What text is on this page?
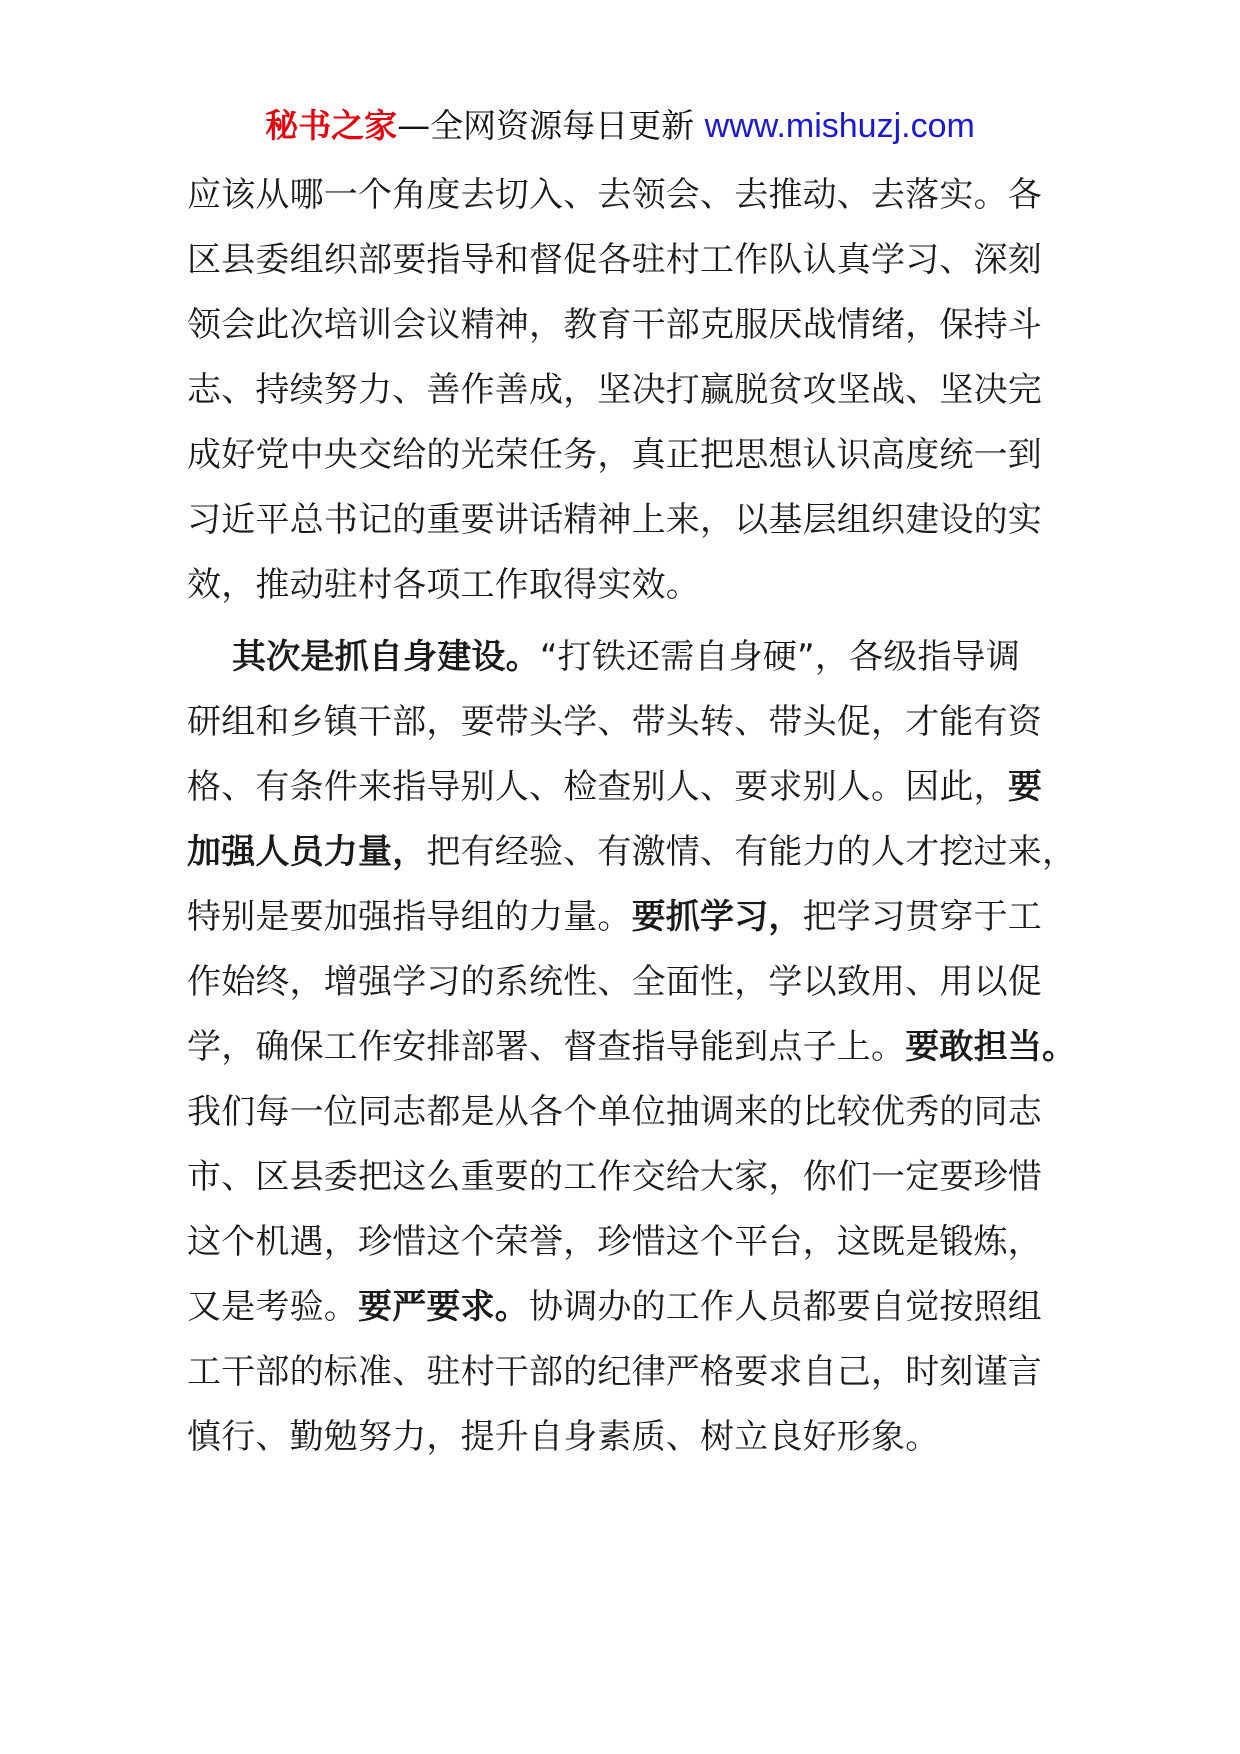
秘书之家—全网资源每日更新 www.mishuzj.com
应该从哪一个角度去切入、去领会、去推动、去落实。各
区县委组织部要指导和督促各驻村工作队认真学习、深刻
领会此次培训会议精神，教育干部克服厌战情绪，保持斗
志、持续努力、善作善成，坚决打赢脱贫攻坚战、坚决完
成好党中央交给的光荣任务，真正把思想认识高度统一到
习近平总书记的重要讲话精神上来，以基层组织建设的实
效，推动驻村各项工作取得实效。
其次是抓自身建设。“打铁还需自身硬”，各级指导调
研组和乡镇干部，要带头学、带头转、带头促，才能有资
格、有条件来指导别人、检查别人、要求别人。因此，要
加强人员力量，把有经验、有激情、有能力的人才挖过来，
特别是要加强指导组的力量。要抓学习，把学习贯穿于工
作始终，增强学习的系统性、全面性，学以致用、用以促
学，确保工作安排部署、督查指导能到点子上。要敢担当。
我们每一位同志都是从各个单位抽调来的比较优秀的同志
市、区县委把这么重要的工作交给大家，你们一定要珍惜
这个机遇，珍惜这个荣誉，珍惜这个平台，这既是锻炼，
又是考验。要严要求。协调办的工作人员都要自觉按照组
工干部的标准、驻村干部的纪律严格要求自己，时刻谨言
慎行、勤勉努力，提升自身素质、树立良好形象。
